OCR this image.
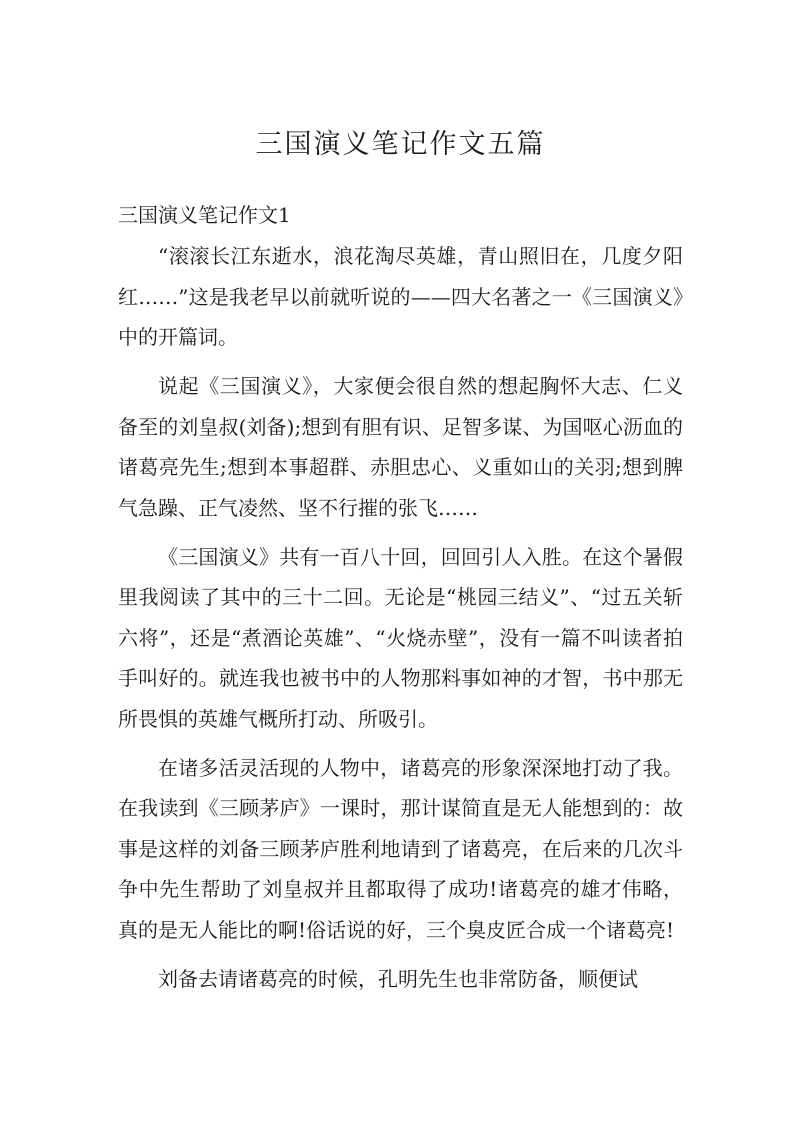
三国演义笔记作文五篇

三国演义笔记作文1

“滚滚长江东逝水，浪花淘尽英雄，青山照旧在，几度夕阳红……”这是我老早以前就听说的——四大名著之一《三国演义》中的开篇词。

说起《三国演义》，大家便会很自然的想起胸怀大志、仁义备至的刘皇叔(刘备);想到有胆有识、足智多谋、为国呕心沥血的诸葛亮先生;想到本事超群、赤胆忠心、义重如山的关羽;想到脾气急躁、正气凌然、坚不行摧的张飞……

《三国演义》共有一百八十回，回回引人入胜。在这个暑假里我阅读了其中的三十二回。无论是“桃园三结义”、“过五关斩六将”，还是“煮酒论英雄”、“火烧赤壁”，没有一篇不叫读者拍手叫好的。就连我也被书中的人物那料事如神的才智，书中那无所畏惧的英雄气概所打动、所吸引。

在诸多活灵活现的人物中，诸葛亮的形象深深地打动了我。在我读到《三顾茅庐》一课时，那计谋简直是无人能想到的：故事是这样的刘备三顾茅庐胜利地请到了诸葛亮，在后来的几次斗争中先生帮助了刘皇叔并且都取得了成功!诸葛亮的雄才伟略，真的是无人能比的啊!俗话说的好，三个臭皮匠合成一个诸葛亮!

刘备去请诸葛亮的时候，孔明先生也非常防备，顺便试
